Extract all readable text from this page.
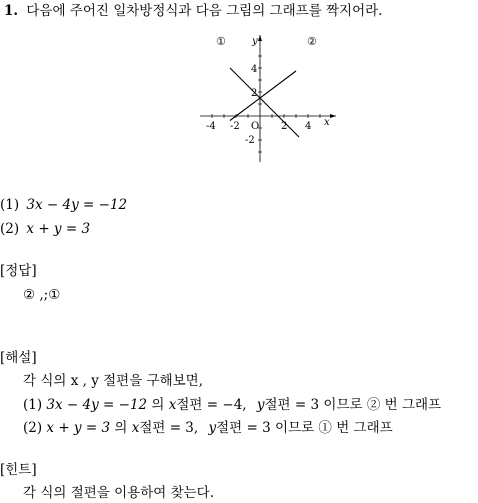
1. 다음에 주어진 일차방정식과 다음 그림의 그래프를 짝지어라.
①	②
y
x
O
4
2
-2
-4 -2	2 4
(1) 3x − 4y = −12
(2) x + y = 3
[정답]
② ,;①
[해설]
각 식의 x , y 절편을 구해보면,
(1) 3x − 4y = −12 의 x절편 = −4, y절편 = 3 이므로 ② 번 그래프
(2) x + y = 3 의 x절편 = 3, y절편 = 3 이므로 ① 번 그래프
[힌트]
각 식의 절편을 이용하여 찾는다.
